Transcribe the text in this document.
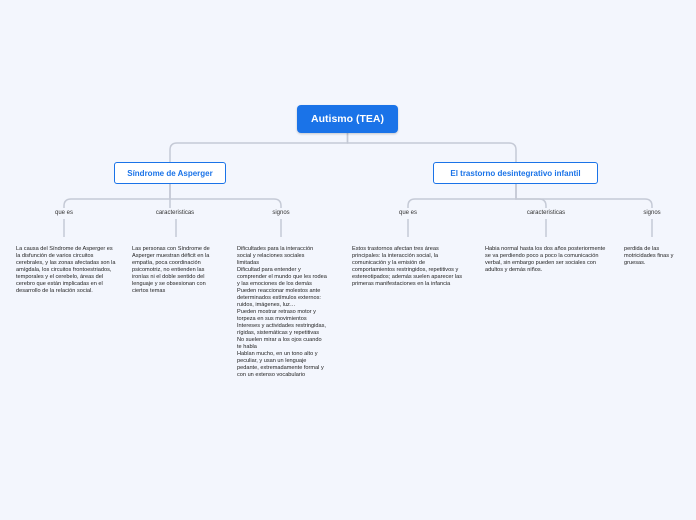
Autismo (TEA)
Síndrome de Asperger	El trastorno desintegrativo infantil
que es	caracteristicas	signos	que es	caracteristicas	signos
La causa del Síndrome de Asperger es la disfunción de varios circuitos cerebrales, y las zonas afectadas son la amígdala, los circuitos frontoestriados, temporales y el cerebelo, áreas del cerebro que están implicadas en el desarrollo de la relación social.
Las personas con Síndrome de Asperger muestran déficit en la empatía, poca coordinación psicomotriz, no entienden las ironías ni el doble sentido del lenguaje y se obsesionan con ciertos temas
Dificultades para la interacción social y relaciones sociales limitadas
Dificultad para entender y comprender el mundo que les rodea y las emociones de los demás
Pueden reaccionar molestos ante determinados estímulos externos: ruidos, imágenes, luz…
Pueden mostrar retraso motor y torpeza en sus movimientos
Intereses y actividades restringidas, rígidas, sistemáticas y repetitivas
No suelen mirar a los ojos cuando te habla
Hablan mucho, en un tono alto y peculiar, y usan un lenguaje pedante, extremadamente formal y con un extenso vocabulario
Estos trastornos afectan tres áreas principales: la interacción social, la comunicación y la emisión de comportamientos restringidos, repetitivos y estereotipados; además suelen aparecer las primeras manifestaciones en la infancia
Habia normal hasta los dos años posteriormente se va perdiendo poco a poco la comunicación verbal, sin embargo pueden ser sociales con adultos y demás niños.
perdida de las motricidades finas y gruesas.
